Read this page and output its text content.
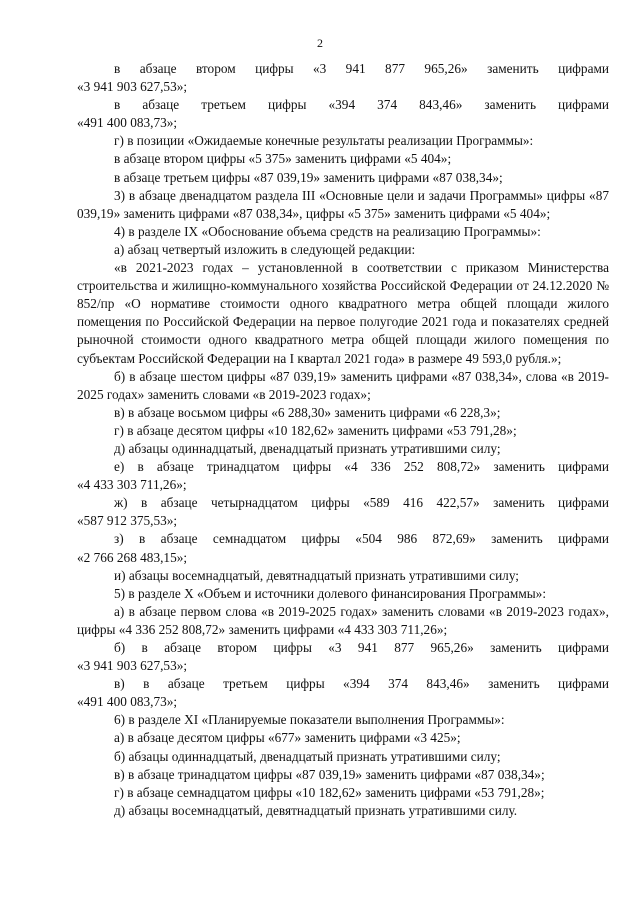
2

в абзаце втором цифры «3 941 877 965,26» заменить цифрами

«3 941 903 627,53»;

в абзаце третьем цифры «394 374 843,46» заменить цифрами

«491 400 083,73»;

г) в позиции «Ожидаемые конечные результаты реализации Программы»:

в абзаце втором цифры «5 375» заменить цифрами «5 404»;

в абзаце третьем цифры «87 039,19» заменить цифрами «87 038,34»;

3) в абзаце двенадцатом раздела III «Основные цели и задачи Программы» цифры «87 039,19» заменить цифрами «87 038,34», цифры «5 375» заменить цифрами «5 404»;

4) в разделе IX «Обоснование объема средств на реализацию Программы»:

а) абзац четвертый изложить в следующей редакции:

«в 2021-2023 годах – установленной в соответствии с приказом Министерства строительства и жилищно-коммунального хозяйства Российской Федерации от 24.12.2020 № 852/пр «О нормативе стоимости одного квадратного метра общей площади жилого помещения по Российской Федерации на первое полугодие 2021 года и показателях средней рыночной стоимости одного квадратного метра общей площади жилого помещения по субъектам Российской Федерации на I квартал 2021 года» в размере 49 593,0 рубля.»;

б) в абзаце шестом цифры «87 039,19» заменить цифрами «87 038,34», слова «в 2019-2025 годах» заменить словами «в 2019-2023 годах»;

в) в абзаце восьмом цифры «6 288,30» заменить цифрами «6 228,3»;

г) в абзаце десятом цифры «10 182,62» заменить цифрами «53 791,28»;

д) абзацы одиннадцатый, двенадцатый признать утратившими силу;

е) в абзаце тринадцатом цифры «4 336 252 808,72» заменить цифрами

«4 433 303 711,26»;

ж) в абзаце четырнадцатом цифры «589 416 422,57» заменить цифрами

«587 912 375,53»;

з) в абзаце семнадцатом цифры «504 986 872,69» заменить цифрами

«2 766 268 483,15»;

и) абзацы восемнадцатый, девятнадцатый признать утратившими силу;

5) в разделе X «Объем и источники долевого финансирования Программы»:

а) в абзаце первом слова «в 2019-2025 годах» заменить словами «в 2019-2023 годах», цифры «4 336 252 808,72» заменить цифрами «4 433 303 711,26»;

б) в абзаце втором цифры «3 941 877 965,26» заменить цифрами

«3 941 903 627,53»;

в) в абзаце третьем цифры «394 374 843,46» заменить цифрами

«491 400 083,73»;

6) в разделе XI «Планируемые показатели выполнения Программы»:

а) в абзаце десятом цифры «677» заменить цифрами «3 425»;

б) абзацы одиннадцатый, двенадцатый признать утратившими силу;

в) в абзаце тринадцатом цифры «87 039,19» заменить цифрами «87 038,34»;

г) в абзаце семнадцатом цифры «10 182,62» заменить цифрами «53 791,28»;

д) абзацы восемнадцатый, девятнадцатый признать утратившими силу.
